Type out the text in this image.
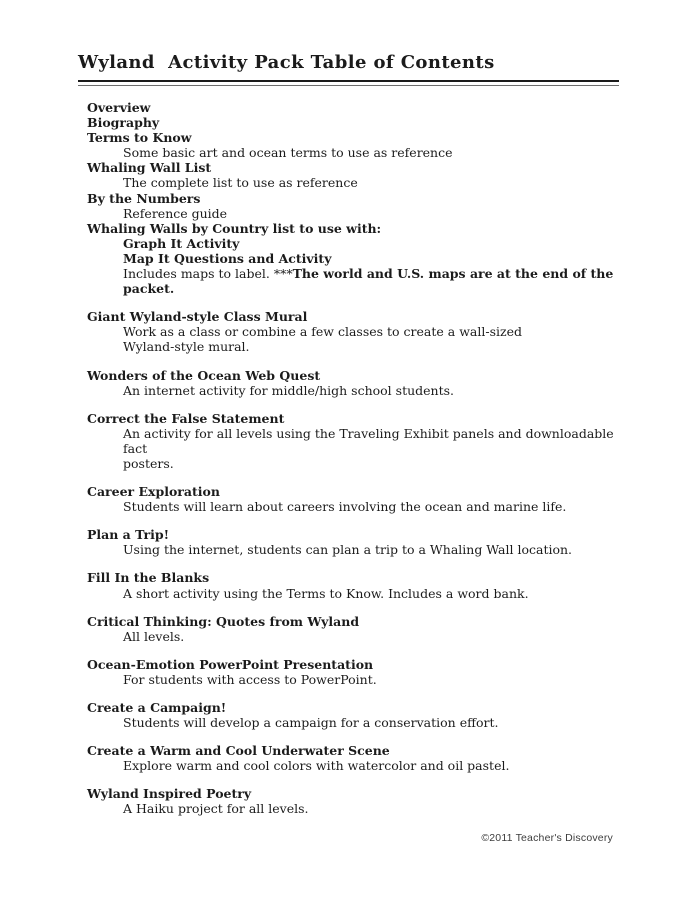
Wyland  Activity Pack Table of Contents
Overview
Biography
Terms to Know
Some basic art and ocean terms to use as reference
Whaling Wall List
The complete list to use as reference
By the Numbers
Reference guide
Whaling Walls by Country list to use with:
Graph It Activity
Map It Questions and Activity
Includes maps to label. ***The world and U.S. maps are at the end of the packet.
Giant Wyland-style Class Mural
Work as a class or combine a few classes to create a wall-sized
Wyland-style mural.
Wonders of the Ocean Web Quest
An internet activity for middle/high school students.
Correct the False Statement
An activity for all levels using the Traveling Exhibit panels and downloadable fact
posters.
Career Exploration
Students will learn about careers involving the ocean and marine life.
Plan a Trip!
Using the internet, students can plan a trip to a Whaling Wall location.
Fill In the Blanks
A short activity using the Terms to Know. Includes a word bank.
Critical Thinking: Quotes from Wyland
All levels.
Ocean-Emotion PowerPoint Presentation
For students with access to PowerPoint.
Create a Campaign!
Students will develop a campaign for a conservation effort.
Create a Warm and Cool Underwater Scene
Explore warm and cool colors with watercolor and oil pastel.
Wyland Inspired Poetry
A Haiku project for all levels.
©2011 Teacher's Discovery
